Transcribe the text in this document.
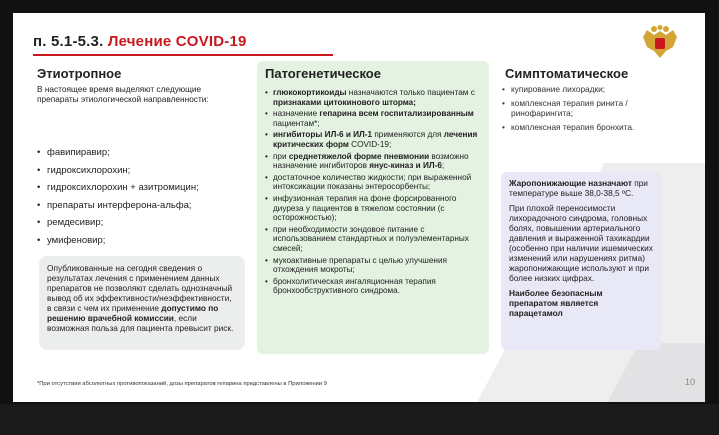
п. 5.1-5.3. Лечение COVID-19
Этиотропное
В настоящее время выделяют следующие препараты этиологической направленности:
• фавипиравир;
• гидроксихлорохин;
• гидроксихлорохин + азитромицин;
• препараты интерферона-альфа;
• ремдесивир;
• умифеновир;
Опубликованные на сегодня сведения о результатах лечения с применением данных препаратов не позволяют сделать однозначный вывод об их эффективности/неэффективности, в связи с чем их применение допустимо по решению врачебной комиссии, если возможная польза для пациента превысит риск.
Патогенетическое
• глюкокортикоиды назначаются только пациентам с признаками цитокинового шторма;
• назначение гепарина всем госпитализированным пациентам*;
• ингибиторы ИЛ-6 и ИЛ-1 применяются для лечения критических форм COVID-19;
• при среднетяжелой форме пневмонии возможно назначение ингибиторов янус-киназ и ИЛ-6;
• достаточное количество жидкости; при выраженной интоксикации показаны энтеросорбенты;
• инфузионная терапия на фоне форсированного диуреза у пациентов в тяжелом состоянии (с осторожностью);
• при необходимости зондовое питание с использованием стандартных и полуэлементарных смесей;
• мукоактивные препараты с целью улучшения отхождения мокроты;
• бронхолитическая ингаляционная терапия бронхообструктивного синдрома.
Симптоматическое
• купирование лихорадки;
• комплексная терапия ринита / ринофарингита;
• комплексная терапия бронхита.

Жаропонижающие назначают при температуре выше 38,0-38,5 ºС.

При плохой переносимости лихорадочного синдрома, головных болях, повышении артериального давления и выраженной тахикардии (особенно при наличии ишемических изменений или нарушениях ритма) жаропонижающие используют и при более низких цифрах.

Наиболее безопасным препаратом является парацетамол

*При отсутствии абсолютных противопоказаний, дозы препаратов гепарина представлены в Приложении 9	10
